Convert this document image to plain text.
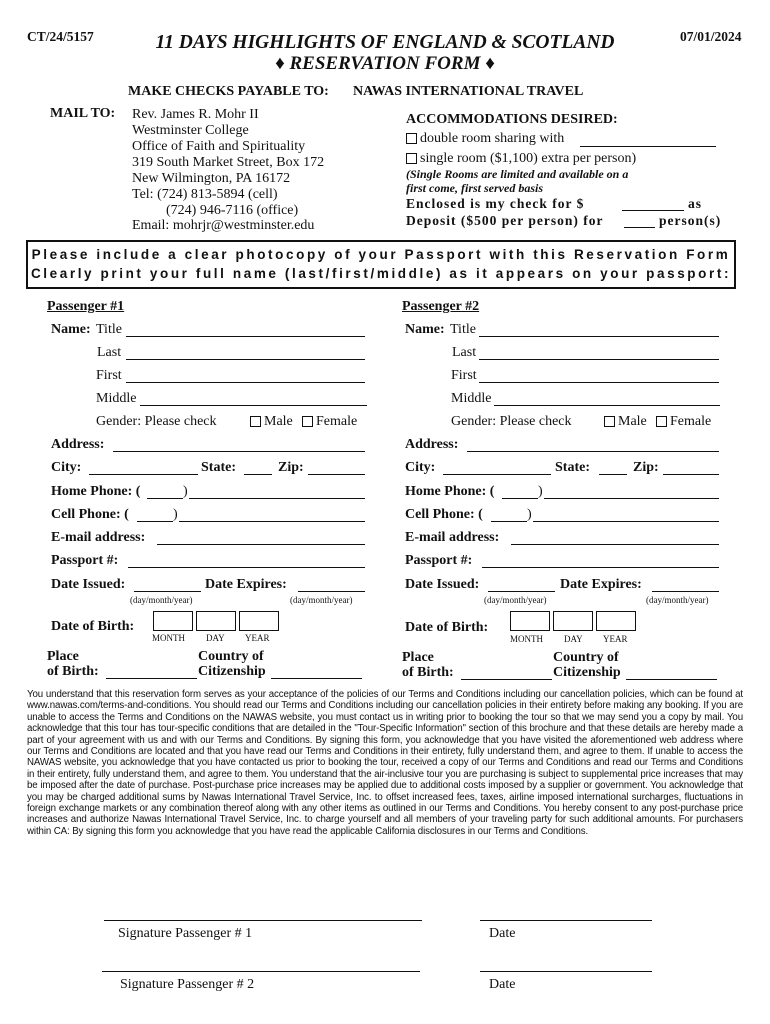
CT/24/5157	07/01/2024
11 DAYS HIGHLIGHTS OF ENGLAND & SCOTLAND
♦ RESERVATION FORM ♦
MAKE CHECKS PAYABLE TO: NAWAS INTERNATIONAL TRAVEL
MAIL TO: Rev. James R. Mohr II
Westminster College
Office of Faith and Spirituality
319 South Market Street, Box 172
New Wilmington, PA 16172
Tel: (724) 813-5894 (cell)
(724) 946-7116 (office)
Email: mohrjr@westminster.edu
ACCOMMODATIONS DESIRED:
double room sharing with
single room ($1,100) extra per person)
(Single Rooms are limited and available on a
first come, first served basis
Enclosed is my check for $	as
Deposit ($500 per person) for	person(s)
Please include a clear photocopy of your Passport with this Reservation Form
Clearly print your full name (last/first/middle) as it appears on your passport:
Passenger #1
Name: Title
Last
First
Middle
Gender: Please check	Male	Female
Address:
City:	State:	Zip:
Home Phone: (	)
Cell Phone: (	)
E-mail address:
Passport #:
Date Issued:	Date Expires:
(day/month/year)	(day/month/year)
Date of Birth:
MONTH DAY YEAR
Place
of Birth:
Country of
Citizenship
Passenger #2
Name: Title
Last
First
Middle
Gender: Please check	Male	Female
Address:
City:	State:	Zip:
Home Phone: (	)
Cell Phone: (	)
E-mail address:
Passport #:
Date Issued:	Date Expires:
(day/month/year)	(day/month/year)
Date of Birth:
MONTH DAY YEAR
Place
of Birth:
Country of
Citizenship
You understand that this reservation form serves as your acceptance of the policies of our Terms and Conditions including our cancellation policies, which can be found at www.nawas.com/terms-and-conditions. You should read our Terms and Conditions including our cancellation policies in their entirety before making any booking. If you are unable to access the Terms and Conditions on the NAWAS website, you must contact us in writing prior to booking the tour so that we may send you a copy by mail. You acknowledge that this tour has tour-specific conditions that are detailed in the "Tour-Specific Information" section of this brochure and that these details are hereby made a part of your agreement with us and with our Terms and Conditions. By signing this form, you acknowledge that you have visited the aforementioned web address where our Terms and Conditions are located and that you have read our Terms and Conditions in their entirety, fully understand them, and agree to them. If unable to access the NAWAS website, you acknowledge that you have contacted us prior to booking the tour, received a copy of our Terms and Conditions and read our Terms and Conditions in their entirety, fully understand them, and agree to them. You understand that the air-inclusive tour you are purchasing is subject to supplemental price increases that may be imposed after the date of purchase. Post-purchase price increases may be applied due to additional costs imposed by a supplier or government. You acknowledge that you may be charged additional sums by Nawas International Travel Service, Inc. to offset increased fees, taxes, airline imposed international surcharges, fluctuations in foreign exchange markets or any combination thereof along with any other items as outlined in our Terms and Conditions. You hereby consent to any post-purchase price increases and authorize Nawas International Travel Service, Inc. to charge yourself and all members of your traveling party for such additional amounts. For purchasers within CA: By signing this form you acknowledge that you have read the applicable California disclosures in our Terms and Conditions.
Signature Passenger # 1	Date
Signature Passenger # 2	Date
